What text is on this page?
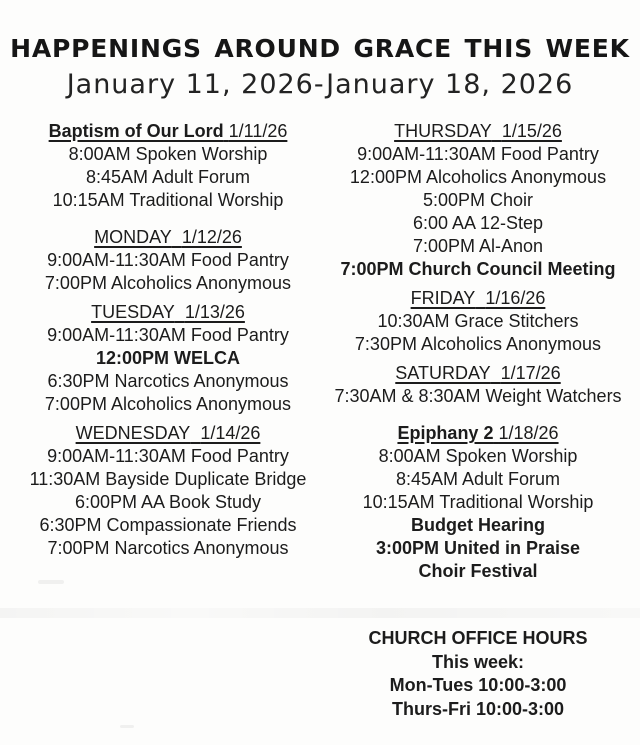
HAPPENINGS AROUND GRACE THIS WEEK
January 11, 2026-January 18, 2026
Baptism of Our Lord 1/11/26
8:00AM Spoken Worship
8:45AM Adult Forum
10:15AM Traditional Worship
MONDAY 1/12/26
9:00AM-11:30AM Food Pantry
7:00PM Alcoholics Anonymous
TUESDAY 1/13/26
9:00AM-11:30AM Food Pantry
12:00PM WELCA
6:30PM Narcotics Anonymous
7:00PM Alcoholics Anonymous
WEDNESDAY 1/14/26
9:00AM-11:30AM Food Pantry
11:30AM Bayside Duplicate Bridge
6:00PM AA Book Study
6:30PM Compassionate Friends
7:00PM Narcotics Anonymous
THURSDAY 1/15/26
9:00AM-11:30AM Food Pantry
12:00PM Alcoholics Anonymous
5:00PM Choir
6:00 AA 12-Step
7:00PM Al-Anon
7:00PM Church Council Meeting
FRIDAY 1/16/26
10:30AM Grace Stitchers
7:30PM Alcoholics Anonymous
SATURDAY 1/17/26
7:30AM & 8:30AM Weight Watchers
Epiphany 2 1/18/26
8:00AM Spoken Worship
8:45AM Adult Forum
10:15AM Traditional Worship
Budget Hearing
3:00PM United in Praise
Choir Festival
CHURCH OFFICE HOURS
This week:
Mon-Tues 10:00-3:00
Thurs-Fri 10:00-3:00
